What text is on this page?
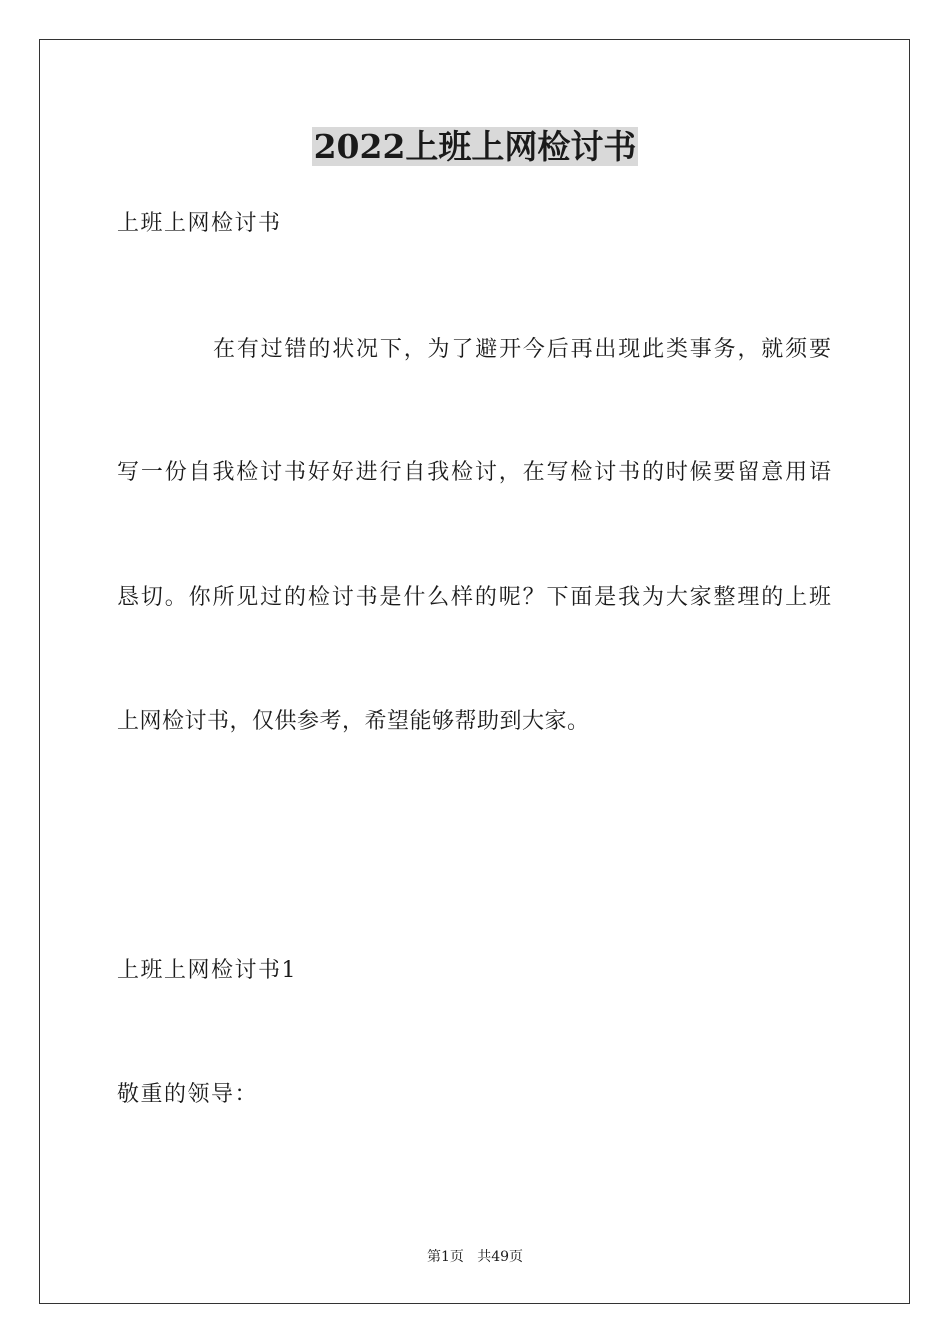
2022上班上网检讨书
上班上网检讨书
在有过错的状况下，为了避开今后再出现此类事务，就须要
写一份自我检讨书好好进行自我检讨，在写检讨书的时候要留意用语
恳切。你所见过的检讨书是什么样的呢？下面是我为大家整理的上班
上网检讨书，仅供参考，希望能够帮助到大家。
上班上网检讨书1
敬重的领导：
第1页   共49页
